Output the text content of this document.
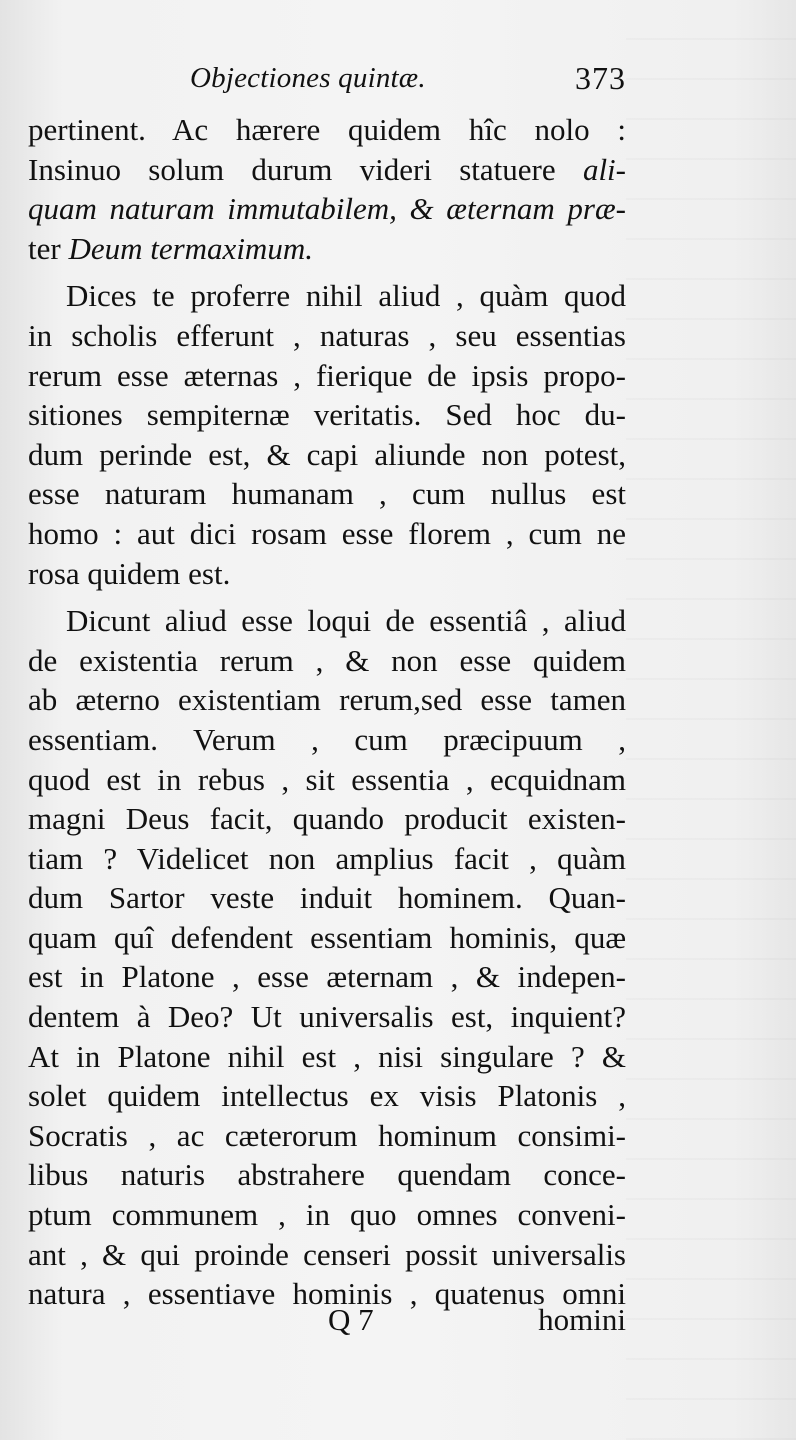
Objectiones quintæ.	373
pertinent. Ac hærere quidem hîc nolo :
Insinuo solum durum videri statuere ali-
quam naturam immutabilem, & æternam præ-
ter Deum termaximum.
Dices te proferre nihil aliud , quàm quod
in scholis efferunt , naturas , seu essentias
rerum esse æternas , fierique de ipsis propo-
sitiones sempiternæ veritatis. Sed hoc du-
dum perinde est, & capi aliunde non potest,
esse naturam humanam , cum nullus est
homo : aut dici rosam esse florem , cum ne
rosa quidem est.
Dicunt aliud esse loqui de essentiâ , aliud
de existentia rerum , & non esse quidem
ab æterno existentiam rerum,sed esse tamen
essentiam. Verum , cum præcipuum ,
quod est in rebus , sit essentia , ecquidnam
magni Deus facit, quando producit existen-
tiam ? Videlicet non amplius facit , quàm
dum Sartor veste induit hominem. Quan-
quam quî defendent essentiam hominis, quæ
est in Platone , esse æternam , & indepen-
dentem à Deo? Ut universalis est, inquient?
At in Platone nihil est , nisi singulare ? &
solet quidem intellectus ex visis Platonis ,
Socratis , ac cæterorum hominum consimi-
libus naturis abstrahere quendam conce-
ptum communem , in quo omnes conveni-
ant , & qui proinde censeri possit universalis
natura , essentiave hominis , quatenus omni
Q 7	homini
